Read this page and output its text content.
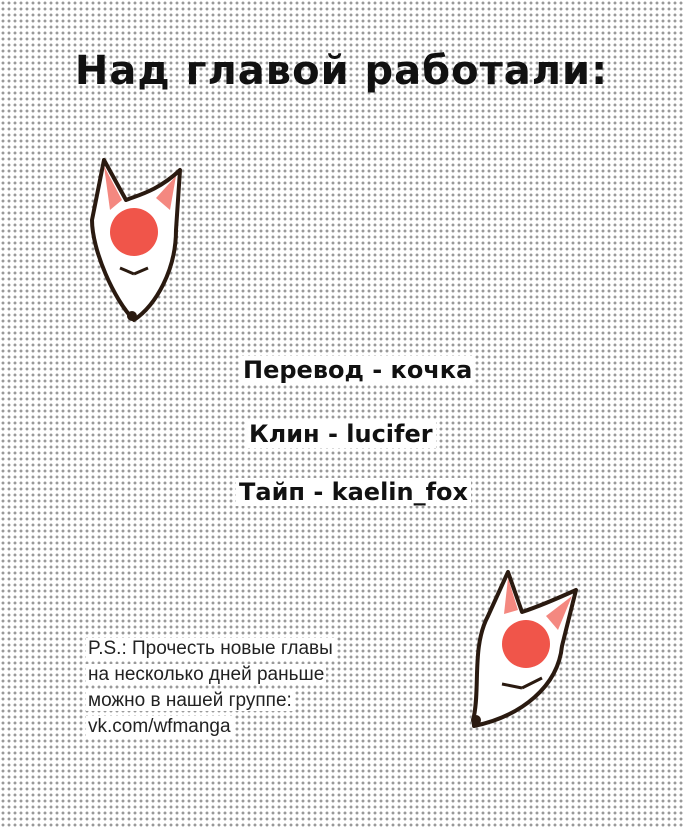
Над главой работали:
Перевод - кочка
Клин - lucifer
Тайп - kaelin_fox
P.S.: Прочесть новые главы
на несколько дней раньше
можно в нашей группе:
vk.com/wfmanga
